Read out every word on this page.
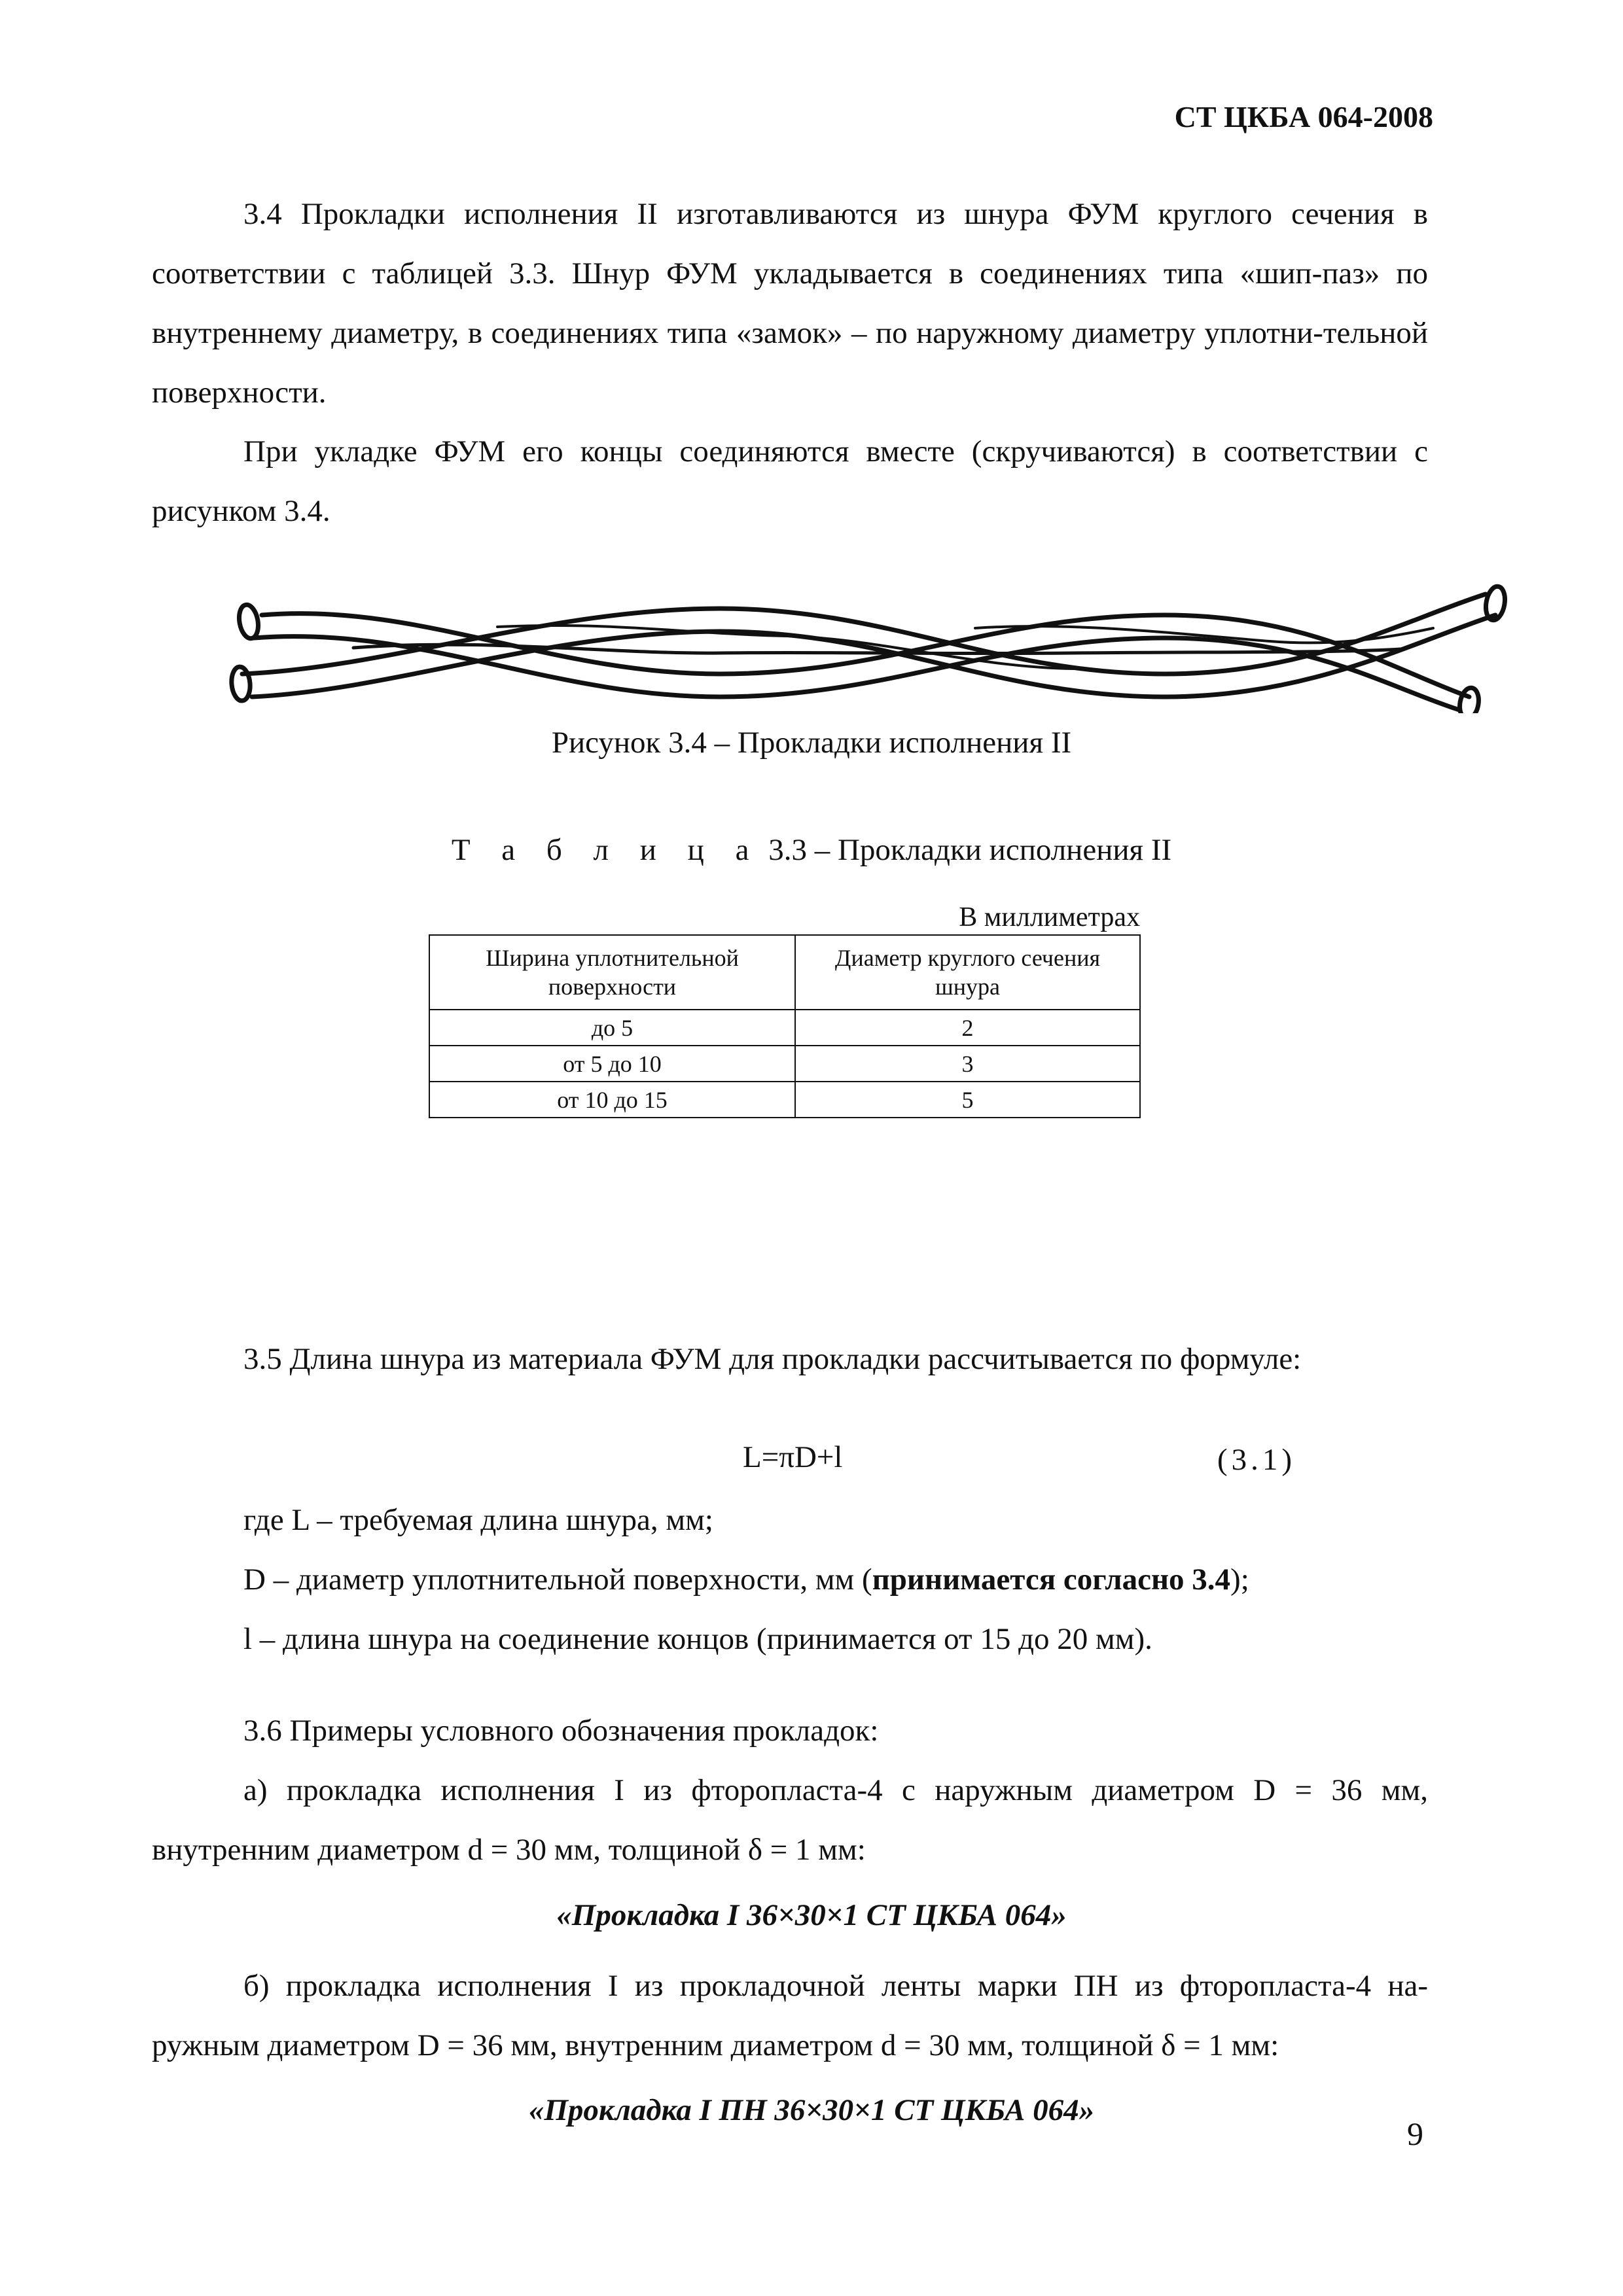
СТ ЦКБА 064-2008

3.4 Прокладки исполнения II изготавливаются из шнура ФУМ круглого сечения в соответствии с таблицей 3.3. Шнур ФУМ укладывается в соединениях типа «шип-паз» по внутреннему диаметру, в соединениях типа «замок» – по наружному диаметру уплотни-тельной поверхности.

При укладке ФУМ его концы соединяются вместе (скручиваются) в соответствии с рисунком 3.4.

Рисунок 3.4 – Прокладки исполнения II
Т а б л и ц а 3.3 – Прокладки исполнения II
В миллиметрах
Ширина уплотнительной поверхности	Диаметр круглого сечения шнура
до 5	2
от 5 до 10	3
от 10 до 15	5

3.5 Длина шнура из материала ФУМ для прокладки рассчитывается по формуле:

L=πD+l	(3.1)

где L – требуемая длина шнура, мм;

D – диаметр уплотнительной поверхности, мм (принимается согласно 3.4);

l – длина шнура на соединение концов (принимается от 15 до 20 мм).

3.6 Примеры условного обозначения прокладок:

а) прокладка исполнения I из фторопласта-4 с наружным диаметром D = 36 мм, внутренним диаметром d = 30 мм, толщиной δ = 1 мм:

«Прокладка I 36×30×1 СТ ЦКБА 064»

б) прокладка исполнения I из прокладочной ленты марки ПН из фторопласта-4 на-ружным диаметром D = 36 мм, внутренним диаметром d = 30 мм, толщиной δ = 1 мм:

«Прокладка I ПН 36×30×1 СТ ЦКБА 064»

9
